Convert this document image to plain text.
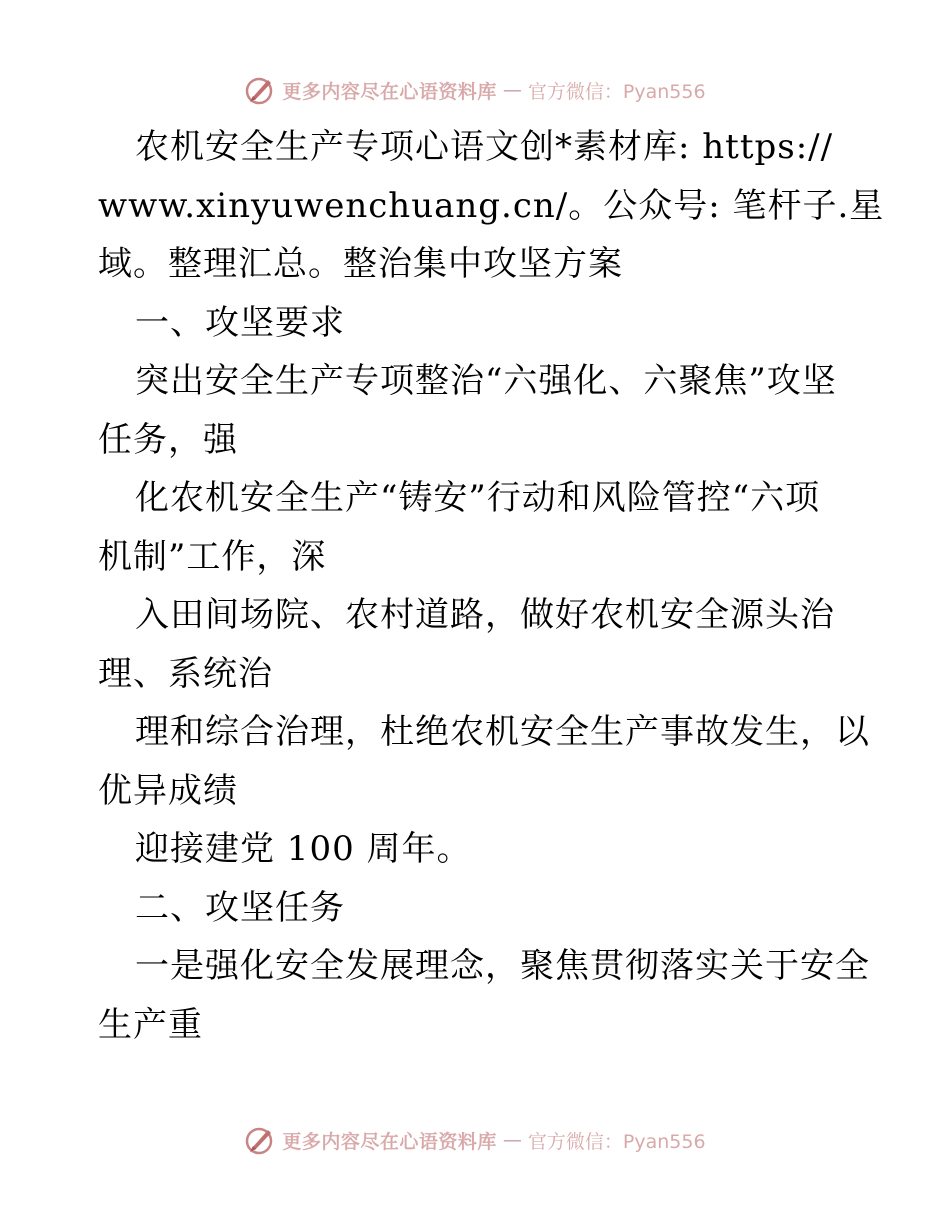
更多内容尽在心语资料库 — 官方微信：Pyan556
农机安全生产专项心语文创*素材库: https://
www.xinyuwenchuang.cn/。公众号: 笔杆子.星
域。整理汇总。整治集中攻坚方案
一、攻坚要求
突出安全生产专项整治“六强化、六聚焦”攻坚
任务，强
化农机安全生产“铸安”行动和风险管控“六项
机制”工作，深
入田间场院、农村道路，做好农机安全源头治
理、系统治
理和综合治理，杜绝农机安全生产事故发生，以
优异成绩
迎接建党 100 周年。
二、攻坚任务
一是强化安全发展理念，聚焦贯彻落实关于安全
生产重
更多内容尽在心语资料库 — 官方微信：Pyan556
